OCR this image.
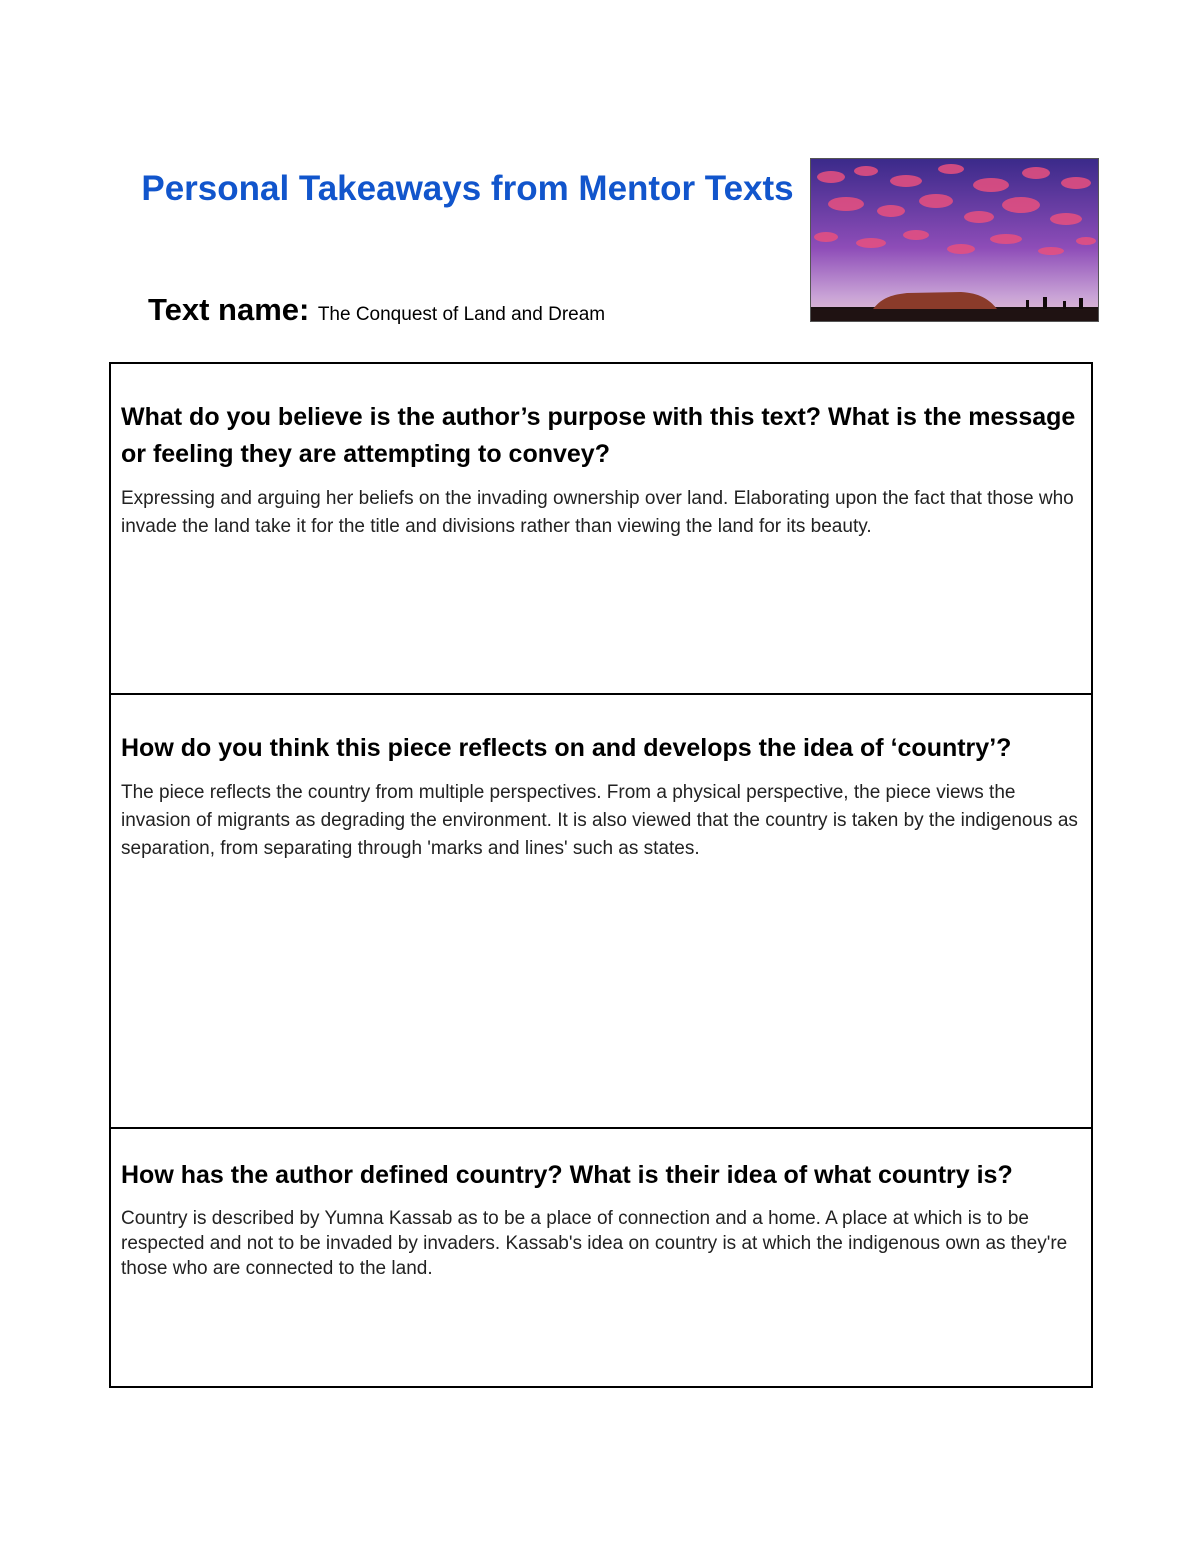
Personal Takeaways from Mentor Texts
Text name: The Conquest of Land and Dream
What do you believe is the author’s purpose with this text? What is the message or feeling they are attempting to convey?

Expressing and arguing her beliefs on the invading ownership over land. Elaborating upon the fact that those who invade the land take it for the title and divisions rather than viewing the land for its beauty.

How do you think this piece reflects on and develops the idea of ‘country’?

The piece reflects the country from multiple perspectives. From a physical perspective, the piece views the invasion of migrants as degrading the environment. It is also viewed that the country is taken by the indigenous as separation, from separating through 'marks and lines' such as states.

How has the author defined country? What is their idea of what country is?

Country is described by Yumna Kassab as to be a place of connection and a home. A place at which is to be respected and not to be invaded by invaders. Kassab's idea on country is at which the indigenous own as they're those who are connected to the land.
